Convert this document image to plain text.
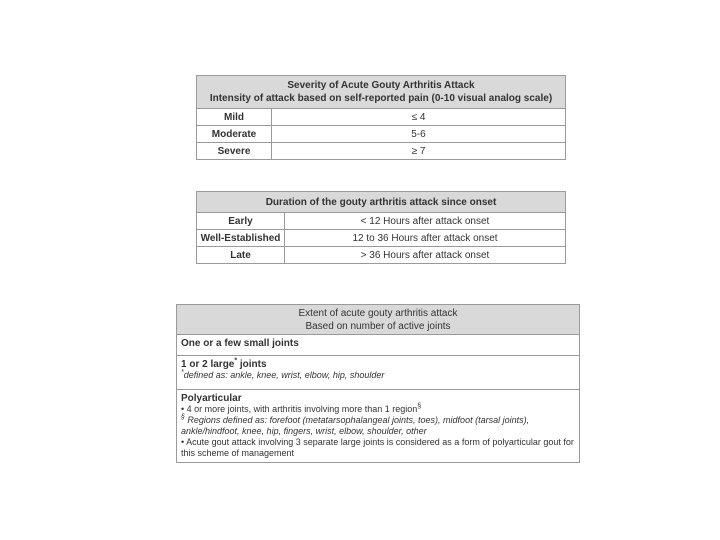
Severity of Acute Gouty Arthritis Attack
Intensity of attack based on self-reported pain (0-10 visual analog scale)	

Mild	≤ 4
Moderate	5-6
Severe	≥ 7
Duration of the gouty arthritis attack since onset	
Early	< 12 Hours after attack onset
Well-Established	12 to 36 Hours after attack onset
Late	> 36 Hours after attack onset
Extent of acute gouty arthritis attack
Based on number of active joints

One or a few small joints

1 or 2 large* joints
*defined as: ankle, knee, wrist, elbow, hip, shoulder

Polyarticular
• 4 or more joints, with arthritis involving more than 1 region§
§ Regions defined as: forefoot (metatarsophalangeal joints, toes), midfoot (tarsal joints), ankle/hindfoot, knee, hip, fingers, wrist, elbow, shoulder, other
• Acute gout attack involving 3 separate large joints is considered as a form of polyarticular gout for this scheme of management
